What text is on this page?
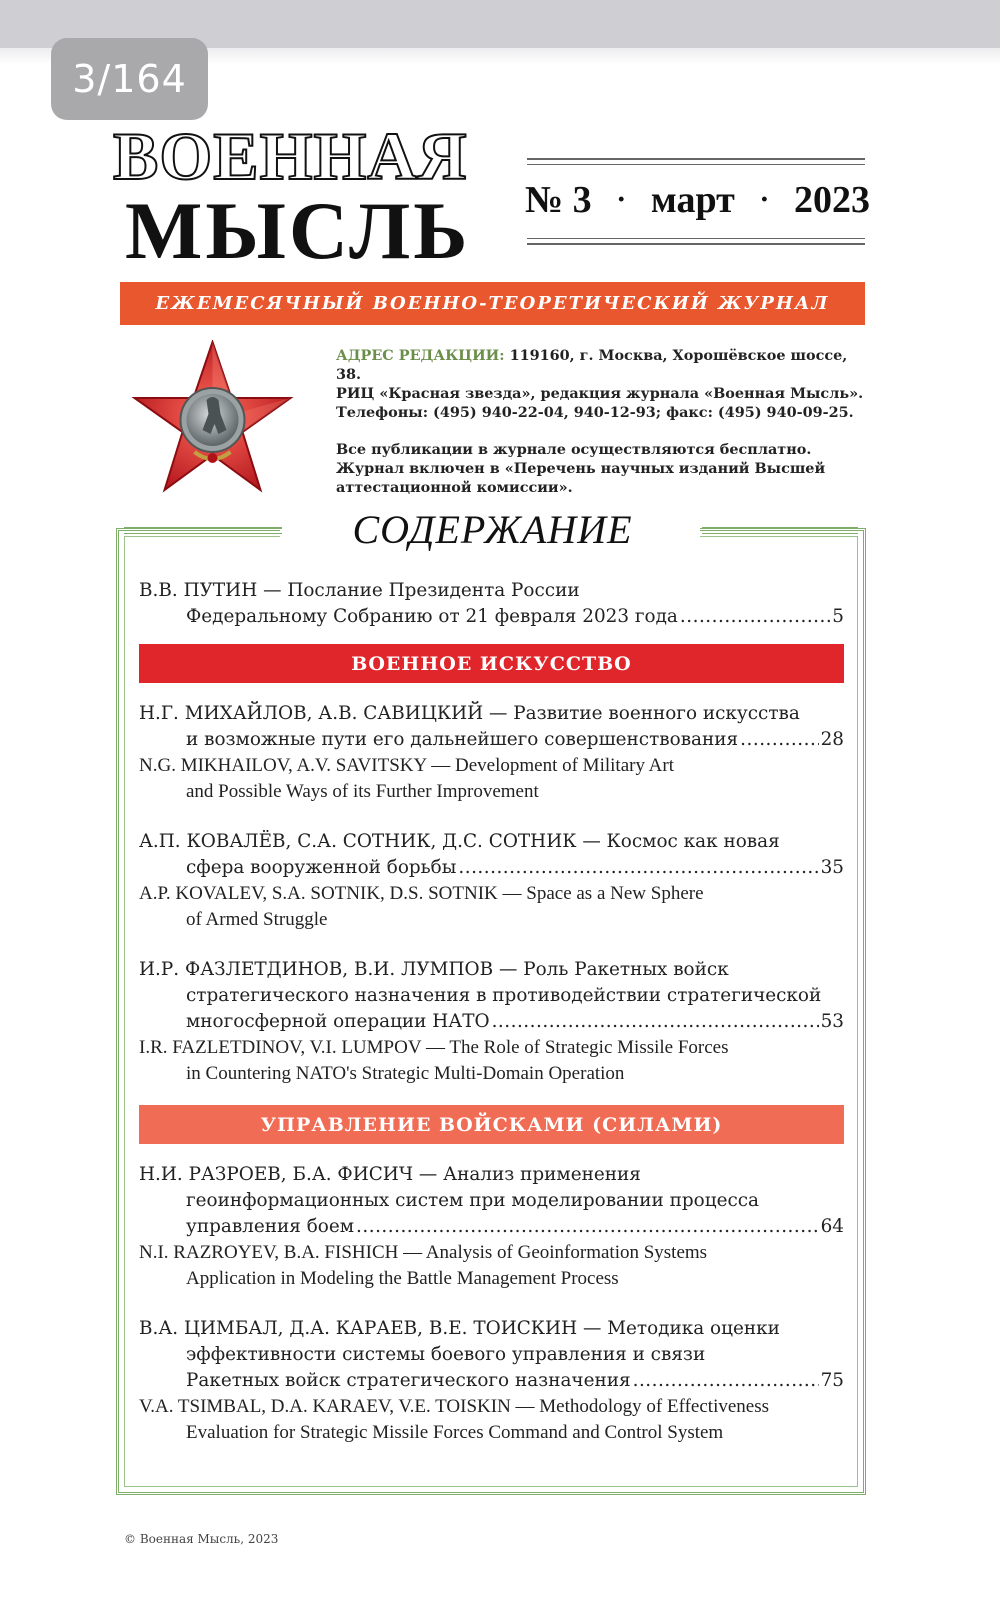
3/164
ВОЕННАЯ
МЫСЛЬ № 3 · март · 2023
ЕЖЕМЕСЯЧНЫЙ ВОЕННО-ТЕОРЕТИЧЕСКИЙ ЖУРНАЛ

АДРЕС РЕДАКЦИИ: 119160, г. Москва, Хорошёвское шоссе, 38.

РИЦ «Красная звезда», редакция журнала «Военная Мысль».

Телефоны: (495) 940-22-04, 940-12-93; факс: (495) 940-09-25.

Все публикации в журнале осуществляются бесплатно.

Журнал включен в «Перечень научных изданий Высшей

аттестационной комиссии».

СОДЕРЖАНИЕ
В.В. ПУТИН — Послание Президента России
Федеральному Собранию от 21 февраля 2023 года .....	5
ВОЕННОЕ ИСКУССТВО
Н.Г. МИХАЙЛОВ, А.В. САВИЦКИЙ — Развитие военного искусства
и возможные пути его дальнейшего совершенствования .....	28
N.G. MIKHAILOV, A.V. SAVITSKY — Development of Military Art
and Possible Ways of its Further Improvement
А.П. КОВАЛЁВ, С.А. СОТНИК, Д.С. СОТНИК — Космос как новая
сфера вооруженной борьбы .....	35
A.P. KOVALEV, S.A. SOTNIK, D.S. SOTNIK — Space as a New Sphere
of Armed Struggle
И.Р. ФАЗЛЕТДИНОВ, В.И. ЛУМПОВ — Роль Ракетных войск
стратегического назначения в противодействии стратегической
многосферной операции НАТО .....	53
I.R. FAZLETDINOV, V.I. LUMPOV — The Role of Strategic Missile Forces
in Countering NATO's Strategic Multi-Domain Operation
УПРАВЛЕНИЕ ВОЙСКАМИ (СИЛАМИ)
Н.И. РАЗРОЕВ, Б.А. ФИСИЧ — Анализ применения
геоинформационных систем при моделировании процесса
управления боем .....	64
N.I. RAZROYEV, B.A. FISHICH — Analysis of Geoinformation Systems
Application in Modeling the Battle Management Process
В.А. ЦИМБАЛ, Д.А. КАРАЕВ, В.Е. ТОИСКИН — Методика оценки
эффективности системы боевого управления и связи
Ракетных войск стратегического назначения .....	75
V.A. TSIMBAL, D.A. KARAEV, V.E. TOISKIN — Methodology of Effectiveness
Evaluation for Strategic Missile Forces Command and Control System
© Военная Мысль, 2023
